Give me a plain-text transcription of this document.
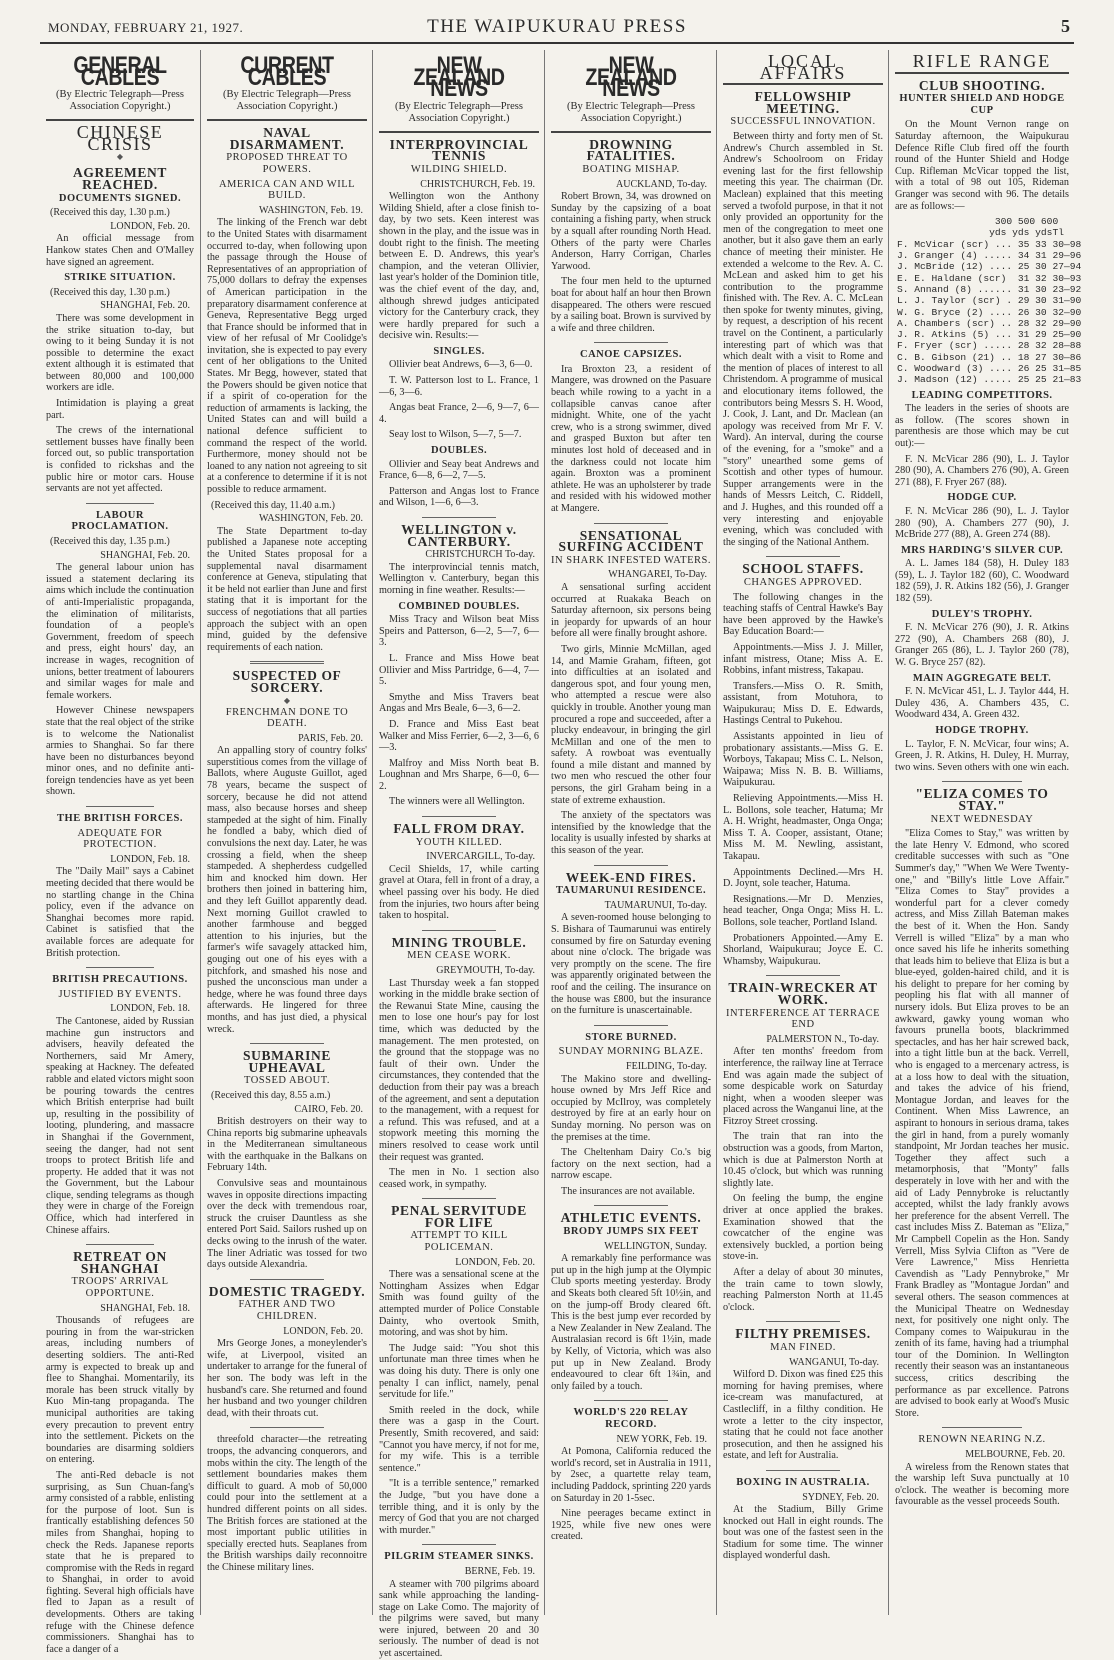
MONDAY, FEBRUARY 21, 1927.	THE WAIPUKURAU PRESS	5
GENERAL CABLES
(By Electric Telegraph—Press Association Copyright.)
CHINESE CRISIS
◆
AGREEMENT REACHED.
DOCUMENTS SIGNED.
(Received this day, 1.30 p.m.)
LONDON, Feb. 20.
An official message from Hankow states Chen and O'Malley have signed an agreement.
STRIKE SITUATION.
(Received this day, 1.30 p.m.)
SHANGHAI, Feb. 20.
There was some development in the strike situation to-day, but owing to it being Sunday it is not possible to determine the exact extent although it is estimated that between 80,000 and 100,000 workers are idle.
Intimidation is playing a great part.
The crews of the international settlement busses have finally been forced out, so public transportation is confided to rickshas and the public hire or motor cars. House servants are not yet affected.
LABOUR PROCLAMATION.
(Received this day, 1.35 p.m.)
SHANGHAI, Feb. 20.
The general labour union has issued a statement declaring its aims which include the continuation of anti-Imperialistic propaganda, the elimination of militarists, foundation of a people's Government, freedom of speech and press, eight hours' day, an increase in wages, recognition of unions, better treatment of labourers and similar wages for male and female workers.
However Chinese newspapers state that the real object of the strike is to welcome the Nationalist armies to Shanghai. So far there have been no disturbances beyond minor ones, and no definite anti-foreign tendencies have as yet been shown.
THE BRITISH FORCES.
ADEQUATE FOR PROTECTION.
LONDON, Feb. 18.
The "Daily Mail" says a Cabinet meeting decided that there would be no startling change in the China policy, even if the advance on Shanghai becomes more rapid. Cabinet is satisfied that the available forces are adequate for British protection.
BRITISH PRECAUTIONS.
JUSTIFIED BY EVENTS.
LONDON, Feb. 18.
The Cantonese, aided by Russian machine gun instructors and advisers, heavily defeated the Northerners, said Mr Amery, speaking at Hackney. The defeated rabble and elated victors might soon be pouring towards the centres which British enterprise had built up, resulting in the possibility of looting, plundering, and massacre in Shanghai if the Government, seeing the danger, had not sent troops to protect British life and property. He added that it was not the Government, but the Labour clique, sending telegrams as though they were in charge of the Foreign Office, which had interfered in Chinese affairs.
RETREAT ON SHANGHAI
TROOPS' ARRIVAL OPPORTUNE.
SHANGHAI, Feb. 18.
Thousands of refugees are pouring in from the war-stricken areas, including numbers of deserting soldiers. The anti-Red army is expected to break up and flee to Shanghai. Momentarily, its morale has been struck vitally by Kuo Min-tang propaganda. The municipal authorities are taking every precaution to prevent entry into the settlement. Pickets on the boundaries are disarming soldiers on entering.
The anti-Red debacle is not surprising, as Sun Chuan-fang's army consisted of a rabble, enlisting for the purpose of loot. Sun is frantically establishing defences 50 miles from Shanghai, hoping to check the Reds. Japanese reports state that he is prepared to compromise with the Reds in regard to Shanghai, in order to avoid fighting. Several high officials have fled to Japan as a result of developments. Others are taking refuge with the Chinese defence commissioners. Shanghai has to face a danger of a
CURRENT CABLES
(By Electric Telegraph—Press Association Copyright.)
NAVAL DISARMAMENT.
PROPOSED THREAT TO POWERS.
AMERICA CAN AND WILL BUILD.
WASHINGTON, Feb. 19.
The linking of the French war debt to the United States with disarmament occurred to-day, when following upon the passage through the House of Representatives of an appropriation of 75,000 dollars to defray the expenses of American participation in the preparatory disarmament conference at Geneva, Representative Begg urged that France should be informed that in view of her refusal of Mr Coolidge's invitation, she is expected to pay every cent of her obligations to the United States. Mr Begg, however, stated that the Powers should be given notice that if a spirit of co-operation for the reduction of armaments is lacking, the United States can and will build a national defence sufficient to command the respect of the world. Furthermore, money should not be loaned to any nation not agreeing to sit at a conference to determine if it is not possible to reduce armament.
(Received this day, 11.40 a.m.)
WASHINGTON, Feb. 20.
The State Department to-day published a Japanese note accepting the United States proposal for a supplemental naval disarmament conference at Geneva, stipulating that it be held not earlier than June and first stating that it is important for the success of negotiations that all parties approach the subject with an open mind, guided by the defensive requirements of each nation.
SUSPECTED OF SORCERY.
◆
FRENCHMAN DONE TO DEATH.
PARIS, Feb. 20.
An appalling story of country folks' superstitious comes from the village of Ballots, where Auguste Guillot, aged 78 years, became the suspect of sorcery, because he did not attend mass, also because horses and sheep stampeded at the sight of him. Finally he fondled a baby, which died of convulsions the next day. Later, he was crossing a field, when the sheep stampeded. A shepherdess cudgelled him and knocked him down. Her brothers then joined in battering him, and they left Guillot apparently dead. Next morning Guillot crawled to another farmhouse and begged attention to his injuries, but the farmer's wife savagely attacked him, gouging out one of his eyes with a pitchfork, and smashed his nose and pushed the unconscious man under a hedge, where he was found three days afterwards. He lingered for three months, and has just died, a physical wreck.
SUBMARINE UPHEAVAL
TOSSED ABOUT.
(Received this day, 8.55 a.m.)
CAIRO, Feb. 20.
British destroyers on their way to China reports big submarine upheavals in the Mediterranean simultaneous with the earthquake in the Balkans on February 14th.
Convulsive seas and mountainous waves in opposite directions impacting over the deck with tremendous roar, struck the cruiser Dauntless as she entered Port Said. Sailors rushed up on decks owing to the inrush of the water. The liner Adriatic was tossed for two days outside Alexandria.
DOMESTIC TRAGEDY.
FATHER AND TWO CHILDREN.
LONDON, Feb. 20.
Mrs George Jones, a moneylender's wife, at Liverpool, visited an undertaker to arrange for the funeral of her son. The body was left in the husband's care. She returned and found her husband and two younger children dead, with their throats cut.
threefold character—the retreating troops, the advancing conquerors, and mobs within the city. The length of the settlement boundaries makes them difficult to guard. A mob of 50,000 could pour into the settlement at a hundred different points on all sides. The British forces are stationed at the most important public utilities in specially erected huts. Seaplanes from the British warships daily reconnoitre the Chinese military lines.
NEW ZEALAND NEWS
(By Electric Telegraph—Press Association Copyright.)
INTERPROVINCIAL TENNIS
WILDING SHIELD.
CHRISTCHURCH, Feb. 19.
Wellington won the Anthony Wilding Shield, after a close finish to-day, by two sets. Keen interest was shown in the play, and the issue was in doubt right to the finish. The meeting between E. D. Andrews, this year's champion, and the veteran Ollivier, last year's holder of the Dominion title, was the chief event of the day, and, although shrewd judges anticipated victory for the Canterbury crack, they were hardly prepared for such a decisive win. Results:—
SINGLES.
Ollivier beat Andrews, 6—3, 6—0.
T. W. Patterson lost to L. France, 1—6, 3—6.
Angas beat France, 2—6, 9—7, 6—4.
Seay lost to Wilson, 5—7, 5—7.
DOUBLES.
Ollivier and Seay beat Andrews and France, 6—8, 6—2, 7—5.
Patterson and Angas lost to France and Wilson, 1—6, 6—3.
WELLINGTON v. CANTERBURY.
CHRISTCHURCH To-day.
The interprovincial tennis match, Wellington v. Canterbury, began this morning in fine weather. Results:—
COMBINED DOUBLES.
Miss Tracy and Wilson beat Miss Speirs and Patterson, 6—2, 5—7, 6—3.
L. France and Miss Howe beat Ollivier and Miss Partridge, 6—4, 7—5.
Smythe and Miss Travers beat Angas and Mrs Beale, 6—3, 6—2.
D. France and Miss East beat Walker and Miss Ferrier, 6—2, 3—6, 6—3.
Malfroy and Miss North beat B. Loughnan and Mrs Sharpe, 6—0, 6—2.
The winners were all Wellington.
FALL FROM DRAY.
YOUTH KILLED.
INVERCARGILL, To-day.
Cecil Shields, 17, while carting gravel at Otara, fell in front of a dray, a wheel passing over his body. He died from the injuries, two hours after being taken to hospital.
MINING TROUBLE.
MEN CEASE WORK.
GREYMOUTH, To-day.
Last Thursday week a fan stopped working in the middle brake section of the Rewanui State Mine, causing the men to lose one hour's pay for lost time, which was deducted by the management. The men protested, on the ground that the stoppage was no fault of their own. Under the circumstances, they contended that the deduction from their pay was a breach of the agreement, and sent a deputation to the management, with a request for a refund. This was refused, and at a stopwork meeting this morning the miners resolved to cease work until their request was granted.
The men in No. 1 section also ceased work, in sympathy.
PENAL SERVITUDE FOR LIFE
ATTEMPT TO KILL POLICEMAN.
LONDON, Feb. 20.
There was a sensational scene at the Nottingham Assizes when Edgar Smith was found guilty of the attempted murder of Police Constable Dainty, who overtook Smith, motoring, and was shot by him.
The Judge said: "You shot this unfortunate man three times when he was doing his duty. There is only one penalty I can inflict, namely, penal servitude for life."
Smith reeled in the dock, while there was a gasp in the Court. Presently, Smith recovered, and said: "Cannot you have mercy, if not for me, for my wife. This is a terrible sentence."
"It is a terrible sentence," remarked the Judge, "but you have done a terrible thing, and it is only by the mercy of God that you are not charged with murder."
PILGRIM STEAMER SINKS.
BERNE, Feb. 19.
A steamer with 700 pilgrims aboard sank while approaching the landing-stage on Lake Como. The majority of the pilgrims were saved, but many were injured, between 20 and 30 seriously. The number of dead is not yet ascertained.
NEW ZEALAND NEWS
(By Electric Telegraph—Press Association Copyright.)
DROWNING FATALITIES.
BOATING MISHAP.
AUCKLAND, To-day.
Robert Brown, 34, was drowned on Sunday by the capsizing of a boat containing a fishing party, when struck by a squall after rounding North Head. Others of the party were Charles Anderson, Harry Corrigan, Charles Yarwood.
The four men held to the upturned boat for about half an hour then Brown disappeared. The others were rescued by a sailing boat. Brown is survived by a wife and three children.
CANOE CAPSIZES.
Ira Broxton 23, a resident of Mangere, was drowned on the Pasuare beach while rowing to a yacht in a collapsible canvas canoe after midnight. White, one of the yacht crew, who is a strong swimmer, dived and grasped Buxton but after ten minutes lost hold of deceased and in the darkness could not locate him again. Broxton was a prominent athlete. He was an upholsterer by trade and resided with his widowed mother at Mangere.
SENSATIONAL SURFING ACCIDENT
IN SHARK INFESTED WATERS.
WHANGAREI, To-Day.
A sensational surfing accident occurred at Ruakaka Beach on Saturday afternoon, six persons being in jeopardy for upwards of an hour before all were finally brought ashore.
Two girls, Minnie McMillan, aged 14, and Mamie Graham, fifteen, got into difficulties at an isolated and dangerous spot, and four young men, who attempted a rescue were also quickly in trouble. Another young man procured a rope and succeeded, after a plucky endeavour, in bringing the girl McMillan and one of the men to safety. A rowboat was eventually found a mile distant and manned by two men who rescued the other four persons, the girl Graham being in a state of extreme exhaustion.
The anxiety of the spectators was intensified by the knowledge that the locality is usually infested by sharks at this season of the year.
WEEK-END FIRES.
TAUMARUNUI RESIDENCE.
TAUMARUNUI, To-day.
A seven-roomed house belonging to S. Bishara of Taumarunui was entirely consumed by fire on Saturday evening about nine o'clock. The brigade was very promptly on the scene. The fire was apparently originated between the roof and the ceiling. The insurance on the house was £800, but the insurance on the furniture is unascertainable.
STORE BURNED.
SUNDAY MORNING BLAZE.
FEILDING, To-day.
The Makino store and dwelling-house owned by Mrs Jeff Rice and occupied by McIlroy, was completely destroyed by fire at an early hour on Sunday morning. No person was on the premises at the time.
The Cheltenham Dairy Co.'s big factory on the next section, had a narrow escape.
The insurances are not available.
ATHLETIC EVENTS.
BRODY JUMPS SIX FEET
WELLINGTON, Sunday.
A remarkably fine performance was put up in the high jump at the Olympic Club sports meeting yesterday. Brody and Skeats both cleared 5ft 10½in, and on the jump-off Brody cleared 6ft. This is the best jump ever recorded by a New Zealander in New Zealand. The Australasian record is 6ft 1½in, made by Kelly, of Victoria, which was also put up in New Zealand. Brody endeavoured to clear 6ft 1¾in, and only failed by a touch.
WORLD'S 220 RELAY RECORD.
NEW YORK, Feb. 19.
At Pomona, California reduced the world's record, set in Australia in 1911, by 2sec, a quartette relay team, including Paddock, sprinting 220 yards on Saturday in 20 1-5sec.
Nine peerages became extinct in 1925, while five new ones were created.
LOCAL AFFAIRS
FELLOWSHIP MEETING.
SUCCESSFUL INNOVATION.
Between thirty and forty men of St. Andrew's Church assembled in St. Andrew's Schoolroom on Friday evening last for the first fellowship meeting this year. The chairman (Dr. Maclean) explained that this meeting served a twofold purpose, in that it not only provided an opportunity for the men of the congregation to meet one another, but it also gave them an early chance of meeting their minister. He extended a welcome to the Rev. A. C. McLean and asked him to get his contribution to the programme finished with. The Rev. A. C. McLean then spoke for twenty minutes, giving, by request, a description of his recent travel on the Continent, a particularly interesting part of which was that which dealt with a visit to Rome and the mention of places of interest to all Christendom. A programme of musical and elocutionary items followed, the contributors being Messrs S. H. Wood, J. Cook, J. Lant, and Dr. Maclean (an apology was received from Mr F. V. Ward). An interval, during the course of the evening, for a "smoke" and a "story" unearthed some gems of Scottish and other types of humour. Supper arrangements were in the hands of Messrs Leitch, C. Riddell, and J. Hughes, and this rounded off a very interesting and enjoyable evening, which was concluded with the singing of the National Anthem.
SCHOOL STAFFS.
CHANGES APPROVED.
The following changes in the teaching staffs of Central Hawke's Bay have been approved by the Hawke's Bay Education Board:—
Appointments.—Miss J. J. Miller, infant mistress, Otane; Miss A. E. Robbins, infant mistress, Takapau.
Transfers.—Miss O. R. Smith, assistant, from Motuhora, to Waipukurau; Miss D. E. Edwards, Hastings Central to Pukehou.
Assistants appointed in lieu of probationary assistants.—Miss G. E. Worboys, Takapau; Miss C. L. Nelson, Waipawa; Miss N. B. B. Williams, Waipukurau.
Relieving Appointments.—Miss H. L. Bollons, sole teacher, Hatuma; Mr A. H. Wright, headmaster, Onga Onga; Miss T. A. Cooper, assistant, Otane; Miss M. M. Newling, assistant, Takapau.
Appointments Declined.—Mrs H. D. Joynt, sole teacher, Hatuma.
Resignations.—Mr D. Menzies, head teacher, Onga Onga; Miss H. L. Bollons, sole teacher, Portland Island.
Probationers Appointed.—Amy E. Shorland, Waipukurau; Joyce E. C. Whamsby, Waipukurau.
TRAIN-WRECKER AT WORK.
INTERFERENCE AT TERRACE END
PALMERSTON N., To-day.
After ten months' freedom from interference, the railway line at Terrace End was again made the subject of some despicable work on Saturday night, when a wooden sleeper was placed across the Wanganui line, at the Fitzroy Street crossing.
The train that ran into the obstruction was a goods, from Marton, which is due at Palmerston North at 10.45 o'clock, but which was running slightly late.
On feeling the bump, the engine driver at once applied the brakes. Examination showed that the cowcatcher of the engine was extensively buckled, a portion being stove-in.
After a delay of about 30 minutes, the train came to town slowly, reaching Palmerston North at 11.45 o'clock.
FILTHY PREMISES.
MAN FINED.
WANGANUI, To-day.
Wilford D. Dixon was fined £25 this morning for having premises, where ice-cream was manufactured, at Castlecliff, in a filthy condition. He wrote a letter to the city inspector, stating that he could not face another prosecution, and then he assigned his estate, and left for Australia.
BOXING IN AUSTRALIA.
SYDNEY, Feb. 20.
At the Stadium, Billy Grime knocked out Hall in eight rounds. The bout was one of the fastest seen in the Stadium for some time. The winner displayed wonderful dash.
RIFLE RANGE
CLUB SHOOTING.
HUNTER SHIELD AND HODGE CUP
On the Mount Vernon range on Saturday afternoon, the Waipukurau Defence Rifle Club fired off the fourth round of the Hunter Shield and Hodge Cup. Rifleman McVicar topped the list, with a total of 98 out 105, Rideman Granger was second with 96. The details are as follows:—
300 500 600
yds yds ydsTl
F. McVicar (scr) ... 35 33 30—98
J. Granger (4) ..... 34 31 29—96
J. McBride (12) .... 25 30 27—94
E. E. Haldane (scr)  31 32 30—93
S. Annand (8) ...... 31 30 23—92
L. J. Taylor (scr) . 29 30 31—90
W. G. Bryce (2) .... 26 30 32—90
A. Chambers (scr) .. 28 32 29—90
J. R. Atkins (5) ... 31 29 25—90
F. Fryer (scr) ..... 28 32 28—88
C. B. Gibson (21) .. 18 27 30—86
C. Woodward (3) .... 26 25 31—85
J. Madson (12) ..... 25 25 21—83
LEADING COMPETITORS.
The leaders in the series of shoots are as follow. (The scores shown in parenthesis are those which may be cut out):—
F. N. McVicar 286 (90), L. J. Taylor 280 (90), A. Chambers 276 (90), A. Green 271 (88), F. Fryer 267 (88).
HODGE CUP.
F. N. McVicar 286 (90), L. J. Taylor 280 (90), A. Chambers 277 (90), J. McBride 277 (88), A. Green 274 (88).
MRS HARDING'S SILVER CUP.
A. L. James 184 (58), H. Duley 183 (59), L. J. Taylor 182 (60), C. Woodward 182 (59), J. R. Atkins 182 (56), J. Granger 182 (59).
DULEY'S TROPHY.
F. N. McVicar 276 (90), J. R. Atkins 272 (90), A. Chambers 268 (80), J. Granger 265 (86), L. J. Taylor 260 (78), W. G. Bryce 257 (82).
MAIN AGGREGATE BELT.
F. N. McVicar 451, L. J. Taylor 444, H. Duley 436, A. Chambers 435, C. Woodward 434, A. Green 432.
HODGE TROPHY.
L. Taylor, F. N. McVicar, four wins; A. Green, J. R. Atkins, H. Duley, H. Murray, two wins. Seven others with one win each.
"ELIZA COMES TO STAY."
NEXT WEDNESDAY
"Eliza Comes to Stay," was written by the late Henry V. Edmond, who scored creditable successes with such as "One Summer's day," "When We Were Twenty-one," and "Billy's little Love Affair." "Eliza Comes to Stay" provides a wonderful part for a clever comedy actress, and Miss Zillah Bateman makes the best of it. When the Hon. Sandy Verrell is willed "Eliza" by a man who once saved his life he inherits something that leads him to believe that Eliza is but a blue-eyed, golden-haired child, and it is his delight to prepare for her coming by peopling his flat with all manner of nursery idols. But Eliza proves to be an awkward, gawky young woman who favours prunella boots, blackrimmed spectacles, and has her hair screwed back, into a tight little bun at the back. Verrell, who is engaged to a mercenary actress, is at a loss how to deal with the situation, and takes the advice of his friend, Montague Jordan, and leaves for the Continent. When Miss Lawrence, an aspirant to honours in serious drama, takes the girl in hand, from a purely womanly standpoint, Mr Jordan teaches her music. Together they affect such a metamorphosis, that "Monty" falls desperately in love with her and with the aid of Lady Pennybroke is reluctantly accepted, whilst the lady frankly avows her preference for the absent Verrell. The cast includes Miss Z. Bateman as "Eliza," Mr Campbell Copelin as the Hon. Sandy Verrell, Miss Sylvia Clifton as "Vere de Vere Lawrence," Miss Henrietta Cavendish as "Lady Pennybroke," Mr Frank Bradley as "Montague Jordan" and several others. The season commences at the Municipal Theatre on Wednesday next, for positively one night only. The Company comes to Waipukurau in the zenith of its fame, having had a triumphal tour of the Dominion. In Wellington recently their season was an instantaneous success, critics describing the performance as par excellence. Patrons are advised to book early at Wood's Music Store.
RENOWN NEARING N.Z.
MELBOURNE, Feb. 20.
A wireless from the Renown states that the warship left Suva punctually at 10 o'clock. The weather is becoming more favourable as the vessel proceeds South.
